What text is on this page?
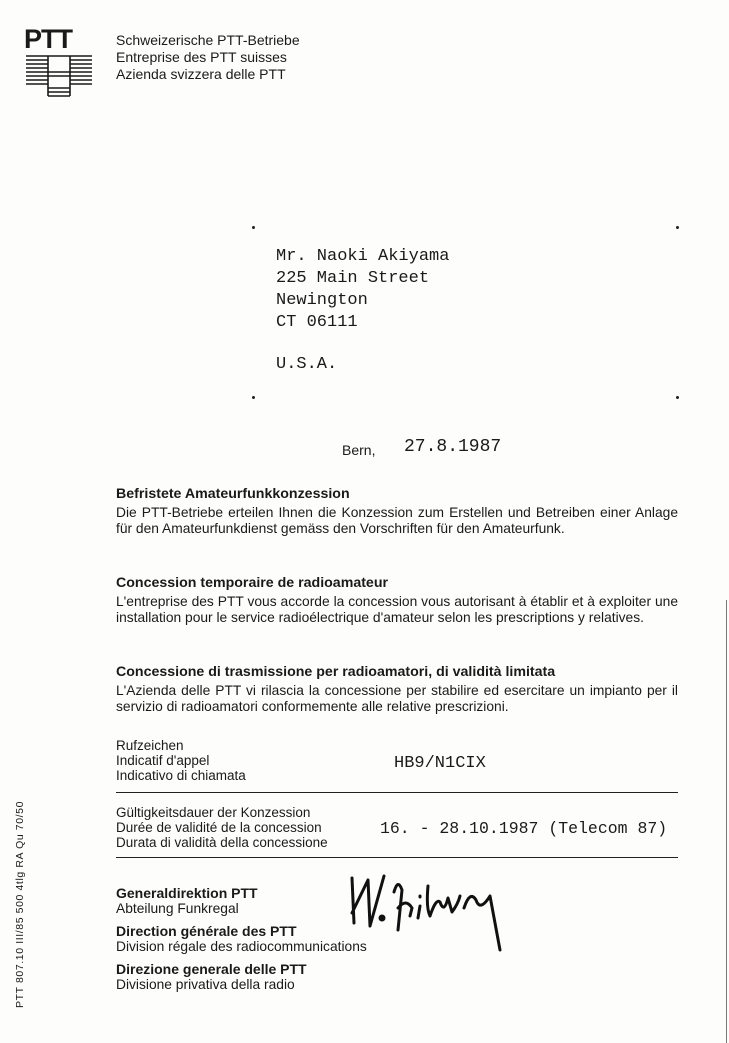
PTT	Schweizerische PTT-Betriebe
Entreprise des PTT suisses
Azienda svizzera delle PTT
Mr. Naoki Akiyama
225 Main Street
Newington
CT 06111
U.S.A.
Bern, 27.8.1987
Befristete Amateurfunkkonzession

Die PTT-Betriebe erteilen Ihnen die Konzession zum Erstellen und Betreiben einer Anlage für den Amateurfunkdienst gemäss den Vorschriften für den Amateurfunk.

Concession temporaire de radioamateur

L'entreprise des PTT vous accorde la concession vous autorisant à établir et à exploiter une installation pour le service radioélectrique d'amateur selon les prescriptions y relatives.

Concessione di trasmissione per radioamatori, di validità limitata

L'Azienda delle PTT vi rilascia la concessione per stabilire ed esercitare un impianto per il servizio di radioamatori conformemente alle relative prescrizioni.

Rufzeichen
Indicatif d'appel
Indicativo di chiamata
HB9/N1CIX
Gültigkeitsdauer der Konzession
Durée de validité de la concession
Durata di validità della concessione
16. - 28.10.1987 (Telecom 87)
Generaldirektion PTT
Abteilung Funkregal
Direction générale des PTT
Division régale des radiocommunications
Direzione generale delle PTT
Divisione privativa della radio
PTT 807.10 III/85 500 4tlg RA Qu 70/50
